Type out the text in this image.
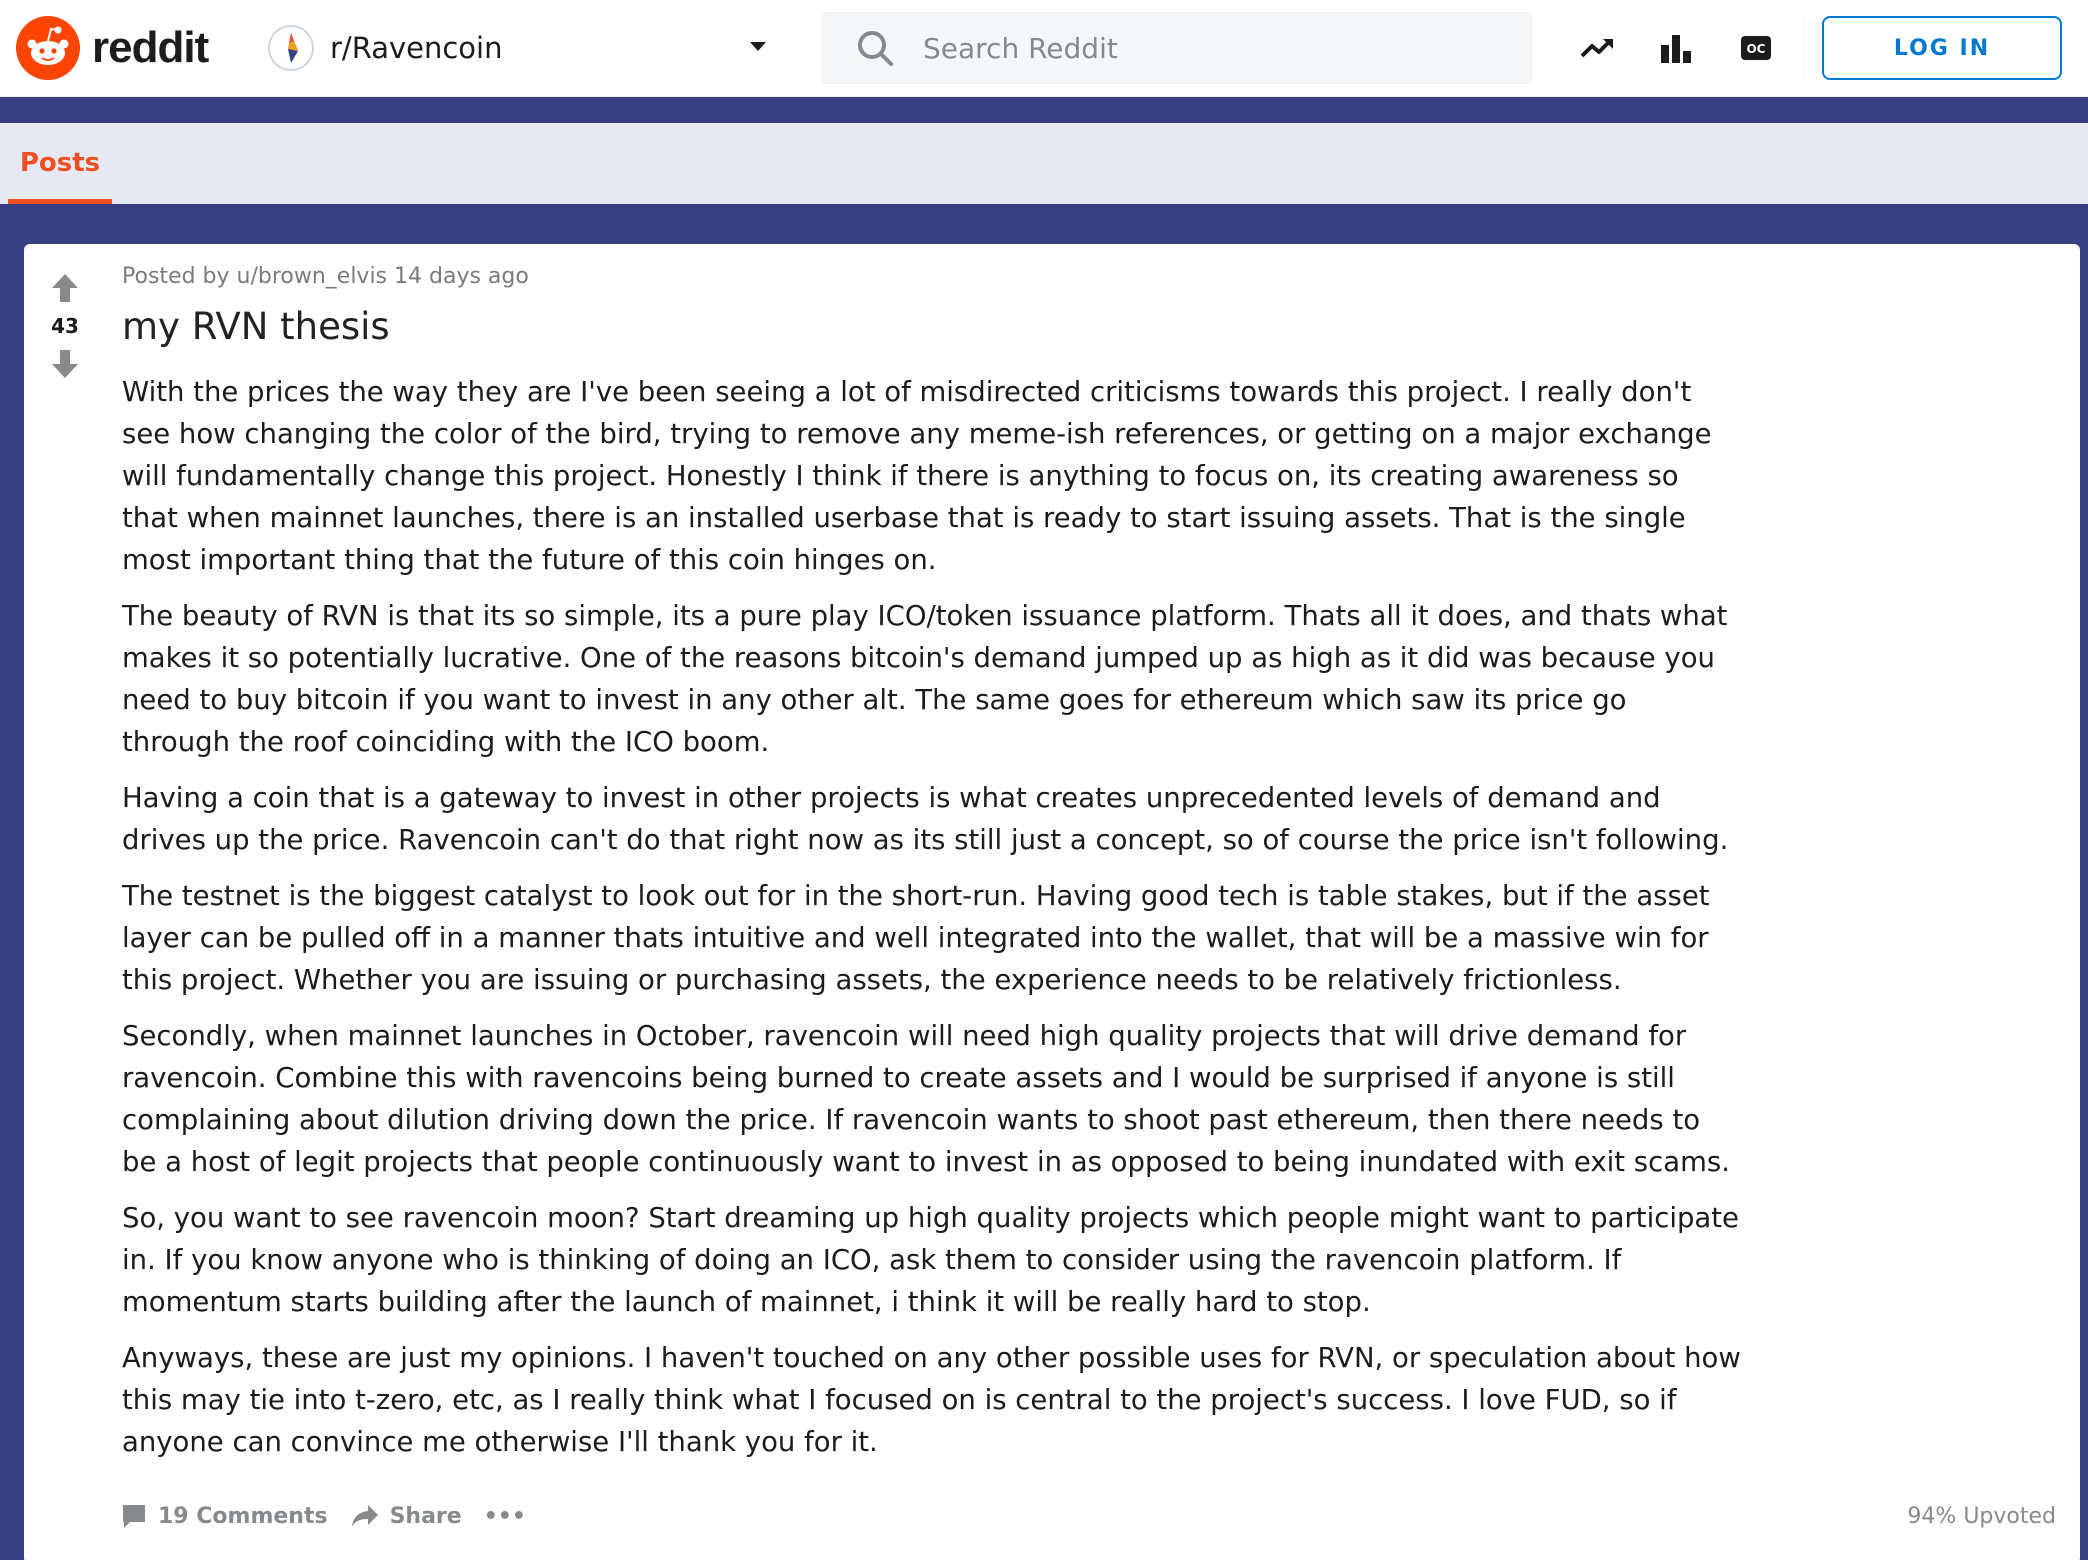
reddit	r/Ravencoin
Search Reddit	OC	LOG IN
Posts
43
Posted by u/brown_elvis 14 days ago
my RVN thesis

With the prices the way they are I've been seeing a lot of misdirected criticisms towards this project. I really don't see how changing the color of the bird, trying to remove any meme-ish references, or getting on a major exchange will fundamentally change this project. Honestly I think if there is anything to focus on, its creating awareness so that when mainnet launches, there is an installed userbase that is ready to start issuing assets. That is the single most important thing that the future of this coin hinges on.

The beauty of RVN is that its so simple, its a pure play ICO/token issuance platform. Thats all it does, and thats what makes it so potentially lucrative. One of the reasons bitcoin's demand jumped up as high as it did was because you need to buy bitcoin if you want to invest in any other alt. The same goes for ethereum which saw its price go through the roof coinciding with the ICO boom.

Having a coin that is a gateway to invest in other projects is what creates unprecedented levels of demand and drives up the price. Ravencoin can't do that right now as its still just a concept, so of course the price isn't following.

The testnet is the biggest catalyst to look out for in the short-run. Having good tech is table stakes, but if the asset layer can be pulled off in a manner thats intuitive and well integrated into the wallet, that will be a massive win for this project. Whether you are issuing or purchasing assets, the experience needs to be relatively frictionless.

Secondly, when mainnet launches in October, ravencoin will need high quality projects that will drive demand for ravencoin. Combine this with ravencoins being burned to create assets and I would be surprised if anyone is still complaining about dilution driving down the price. If ravencoin wants to shoot past ethereum, then there needs to be a host of legit projects that people continuously want to invest in as opposed to being inundated with exit scams.

So, you want to see ravencoin moon? Start dreaming up high quality projects which people might want to participate in. If you know anyone who is thinking of doing an ICO, ask them to consider using the ravencoin platform. If momentum starts building after the launch of mainnet, i think it will be really hard to stop.

Anyways, these are just my opinions. I haven't touched on any other possible uses for RVN, or speculation about how this may tie into t-zero, etc, as I really think what I focused on is central to the project's success. I love FUD, so if anyone can convince me otherwise I'll thank you for it.

19 Comments	Share •••	94% Upvoted
